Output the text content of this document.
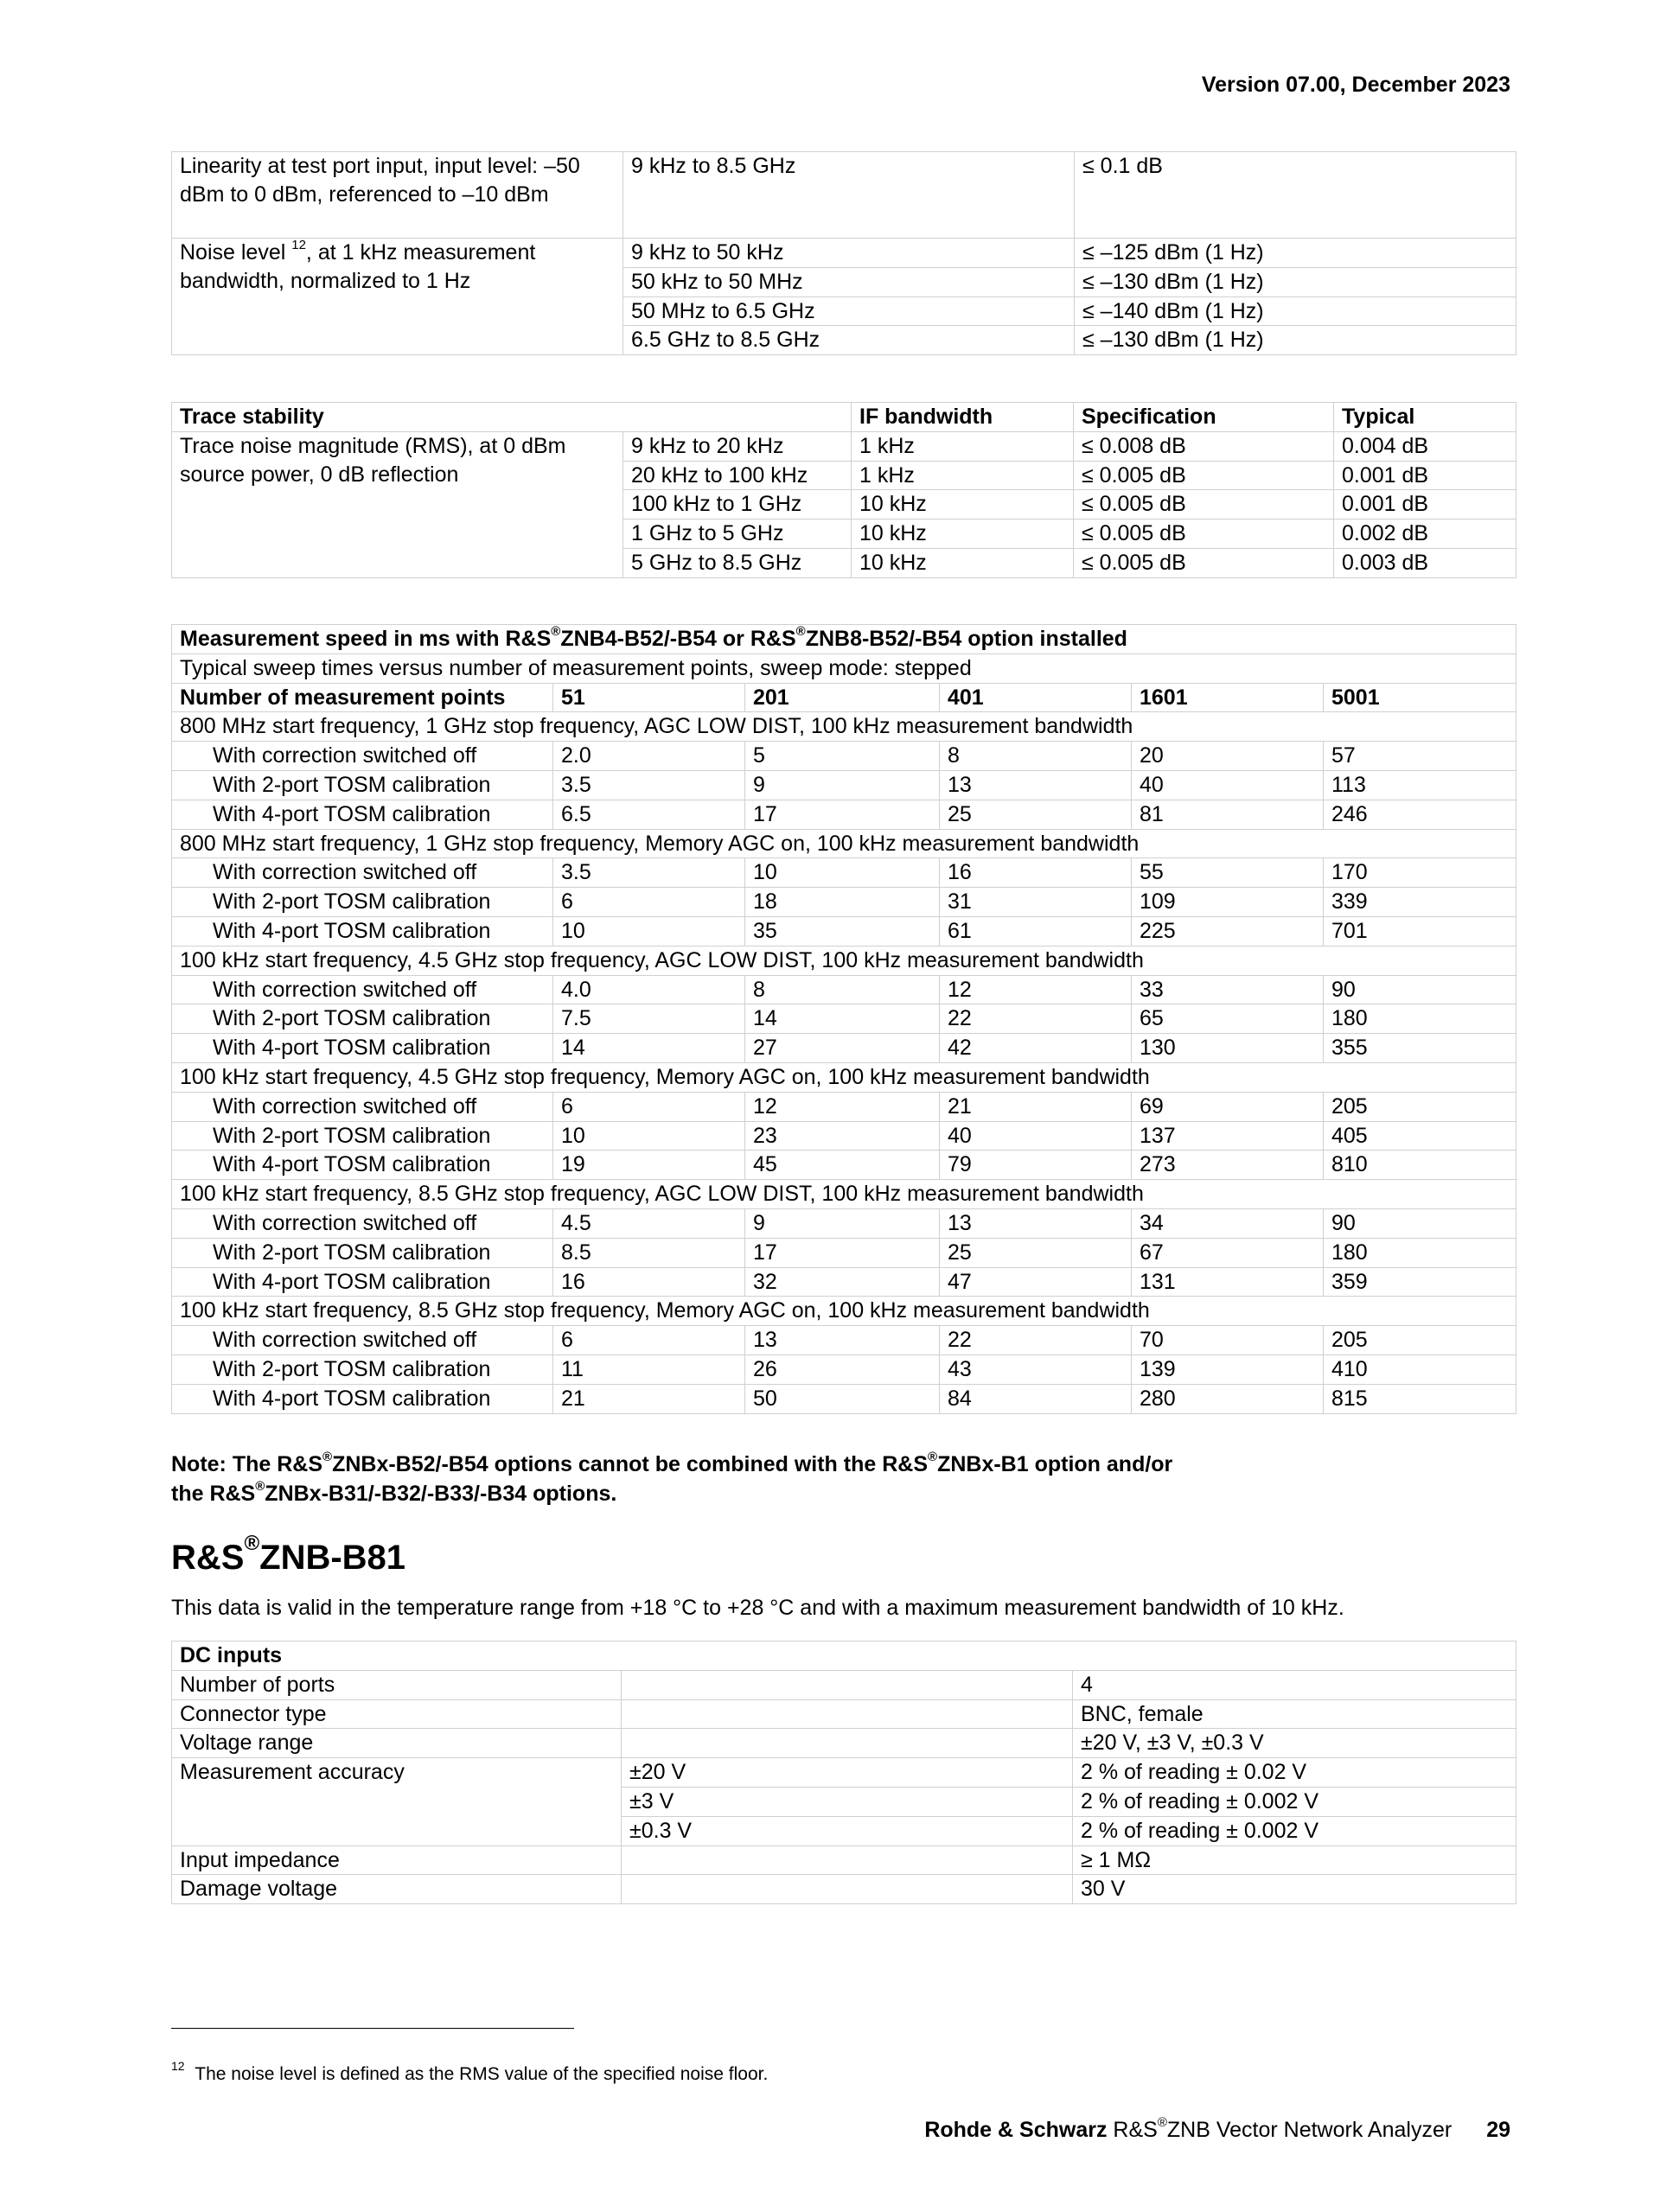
Version 07.00, December 2023
Linearity at test port input, input level: –50 dBm to 0 dBm, referenced to –10 dBm	9 kHz to 8.5 GHz	≤ 0.1 dB
Noise level $^{12}$, at 1 kHz measurement bandwidth, normalized to 1 Hz	9 kHz to 50 kHz	≤ –125 dBm (1 Hz)
	50 kHz to 50 MHz	≤ –130 dBm (1 Hz)
	50 MHz to 6.5 GHz	≤ –140 dBm (1 Hz)
	6.5 GHz to 8.5 GHz	≤ –130 dBm (1 Hz)
Trace stability		IF bandwidth	Specification	Typical
Trace noise magnitude (RMS), at 0 dBm source power, 0 dB reflection	9 kHz to 20 kHz	1 kHz	≤ 0.008 dB	0.004 dB
	20 kHz to 100 kHz	1 kHz	≤ 0.005 dB	0.001 dB
	100 kHz to 1 GHz	10 kHz	≤ 0.005 dB	0.001 dB
	1 GHz to 5 GHz	10 kHz	≤ 0.005 dB	0.002 dB
	5 GHz to 8.5 GHz	10 kHz	≤ 0.005 dB	0.003 dB
Measurement speed in ms with R&S®ZNB4-B52/-B54 or R&S®ZNB8-B52/-B54 option installed					
Typical sweep times versus number of measurement points, sweep mode: stepped					
Number of measurement points	51	201	401	1601	5001
800 MHz start frequency, 1 GHz stop frequency, AGC LOW DIST, 100 kHz measurement bandwidth					
With correction switched off	2.0	5	8	20	57
With 2-port TOSM calibration	3.5	9	13	40	113
With 4-port TOSM calibration	6.5	17	25	81	246
800 MHz start frequency, 1 GHz stop frequency, Memory AGC on, 100 kHz measurement bandwidth					
With correction switched off	3.5	10	16	55	170
With 2-port TOSM calibration	6	18	31	109	339
With 4-port TOSM calibration	10	35	61	225	701
100 kHz start frequency, 4.5 GHz stop frequency, AGC LOW DIST, 100 kHz measurement bandwidth					
With correction switched off	4.0	8	12	33	90
With 2-port TOSM calibration	7.5	14	22	65	180
With 4-port TOSM calibration	14	27	42	130	355
100 kHz start frequency, 4.5 GHz stop frequency, Memory AGC on, 100 kHz measurement bandwidth					
With correction switched off	6	12	21	69	205
With 2-port TOSM calibration	10	23	40	137	405
With 4-port TOSM calibration	19	45	79	273	810
100 kHz start frequency, 8.5 GHz stop frequency, AGC LOW DIST, 100 kHz measurement bandwidth					
With correction switched off	4.5	9	13	34	90
With 2-port TOSM calibration	8.5	17	25	67	180
With 4-port TOSM calibration	16	32	47	131	359
100 kHz start frequency, 8.5 GHz stop frequency, Memory AGC on, 100 kHz measurement bandwidth					
With correction switched off	6	13	22	70	205
With 2-port TOSM calibration	11	26	43	139	410
With 4-port TOSM calibration	21	50	84	280	815
Note: The R&S®ZNBx-B52/-B54 options cannot be combined with the R&S®ZNBx-B1 option and/or
the R&S®ZNBx-B31/-B32/-B33/-B34 options.
R&S®ZNB-B81
This data is valid in the temperature range from +18 °C to +28 °C and with a maximum measurement bandwidth of 10 kHz.
DC inputs		
Number of ports		4
Connector type		BNC, female
Voltage range		±20 V, ±3 V, ±0.3 V
Measurement accuracy	±20 V	2 % of reading ± 0.02 V
	±3 V	2 % of reading ± 0.002 V
	±0.3 V	2 % of reading ± 0.002 V
Input impedance		≥ 1 MΩ
Damage voltage		30 V
$^{12}$ The noise level is defined as the RMS value of the specified noise floor.
Rohde & Schwarz R&S®ZNB Vector Network Analyzer 29
